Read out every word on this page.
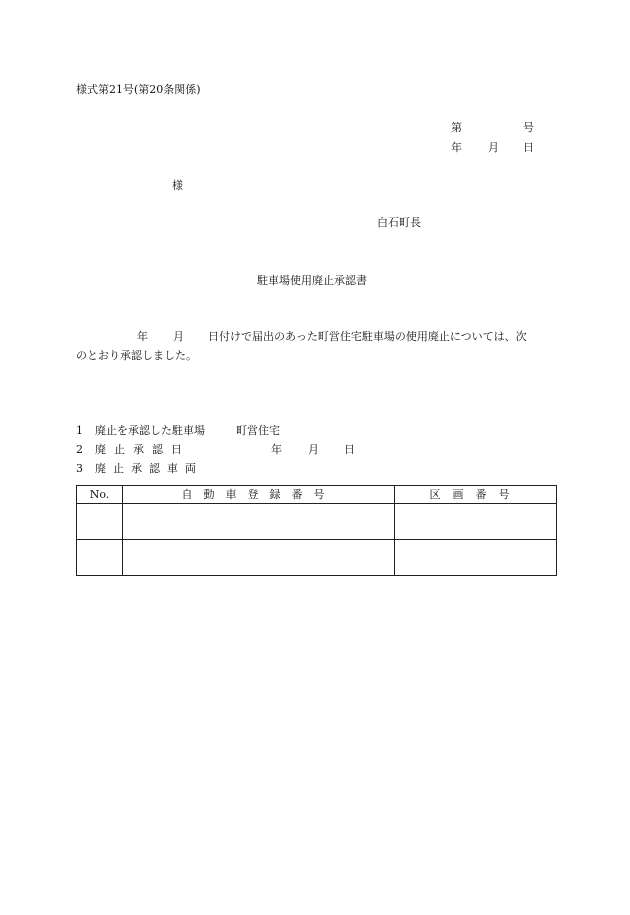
様式第21号(第20条関係)
第	号
年 月 日
様
白石町長
駐車場使用廃止承認書
年 月 日付けで届出のあった町営住宅駐車場の使用廃止については、次
のとおり承認しました。
1 廃止を承認した駐車場	町営住宅
2 廃止承認日	年 月 日
3 廃止承認車両
No.	自動車登録番号	区画番号
